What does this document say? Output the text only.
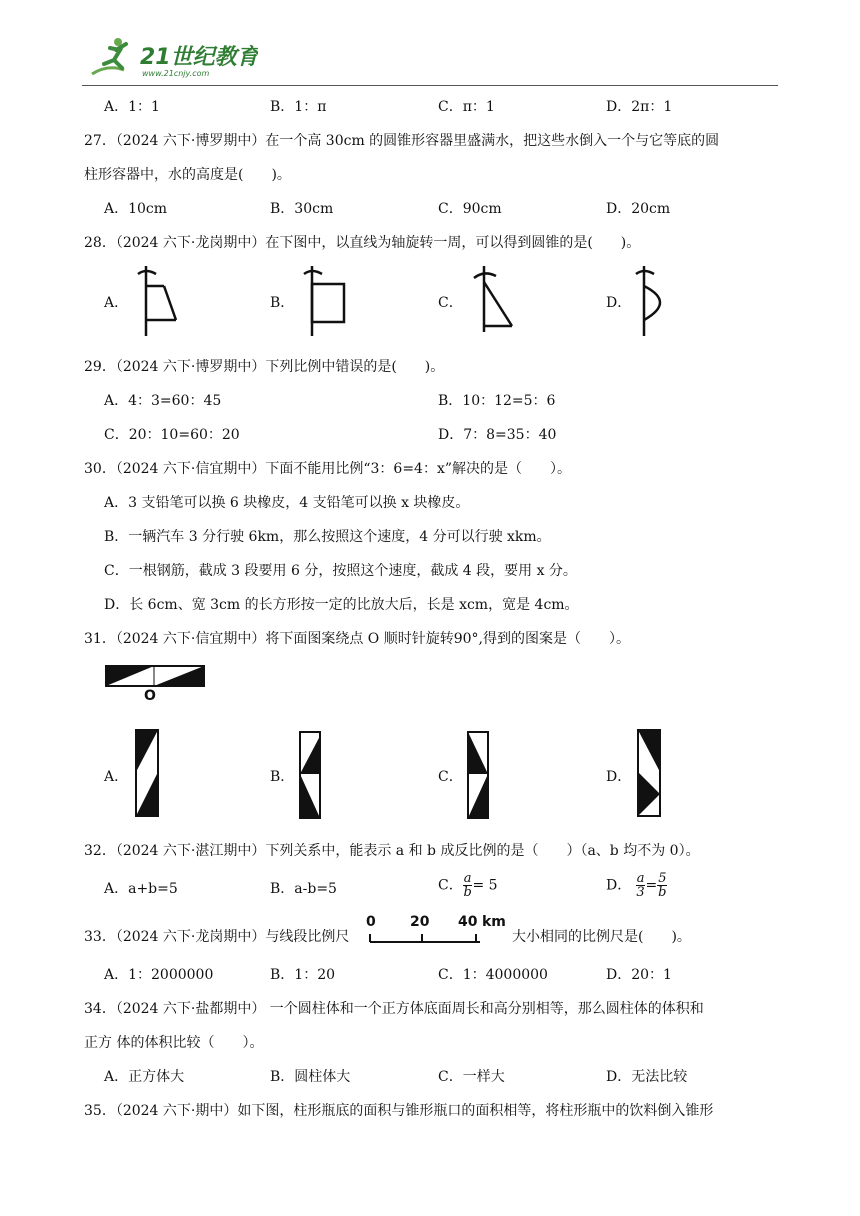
21世纪教育
www.21cnjy.com
A．1：1	B．1：π	C．π：1	D．2π：1
27．（2024 六下·博罗期中）在一个高 30cm 的圆锥形容器里盛满水，把这些水倒入一个与它等底的圆
柱形容器中，水的高度是(　　)。
A．10cm	B．30cm	C．90cm	D．20cm
28．（2024 六下·龙岗期中）在下图中，以直线为轴旋转一周，可以得到圆锥的是(　　)。
A．	B．	C．	D．
29．（2024 六下·博罗期中）下列比例中错误的是(　　)。
A．4：3=60：45	B．10：12=5：6
C．20：10=60：20	D．7：8=35：40
30．（2024 六下·信宜期中）下面不能用比例“3：6=4：x”解决的是（　　）。
A．3 支铅笔可以换 6 块橡皮，4 支铅笔可以换 x 块橡皮。
B．一辆汽车 3 分行驶 6km，那么按照这个速度，4 分可以行驶 xkm。
C．一根钢筋，截成 3 段要用 6 分，按照这个速度，截成 4 段，要用 x 分。
D．长 6cm、宽 3cm 的长方形按一定的比放大后，长是 xcm，宽是 4cm。
31．（2024 六下·信宜期中）将下面图案绕点 O 顺时针旋转90°,得到的图案是（　　）。
O
A．	B．	C．	D．
32．（2024 六下·湛江期中）下列关系中，能表示 a 和 b 成反比例的是（　　）（a、b 均不为 0）。
A．a+b=5	B．a-b=5	C． $\frac{a}{b} = 5$	D． $\frac{a}{3} = \frac{5}{b}$
33．（2024 六下·龙岗期中）与线段比例尺
0 20 40 km
大小相同的比例尺是(　　)。
A．1：2000000	B．1：20	C．1：4000000	D．20：1
34．（2024 六下·盐都期中） 一个圆柱体和一个正方体底面周长和高分别相等，那么圆柱体的体积和
正方 体的体积比较（　　）。
A．正方体大	B．圆柱体大	C．一样大	D．无法比较
35．（2024 六下·期中）如下图，柱形瓶底的面积与锥形瓶口的面积相等，将柱形瓶中的饮料倒入锥形
